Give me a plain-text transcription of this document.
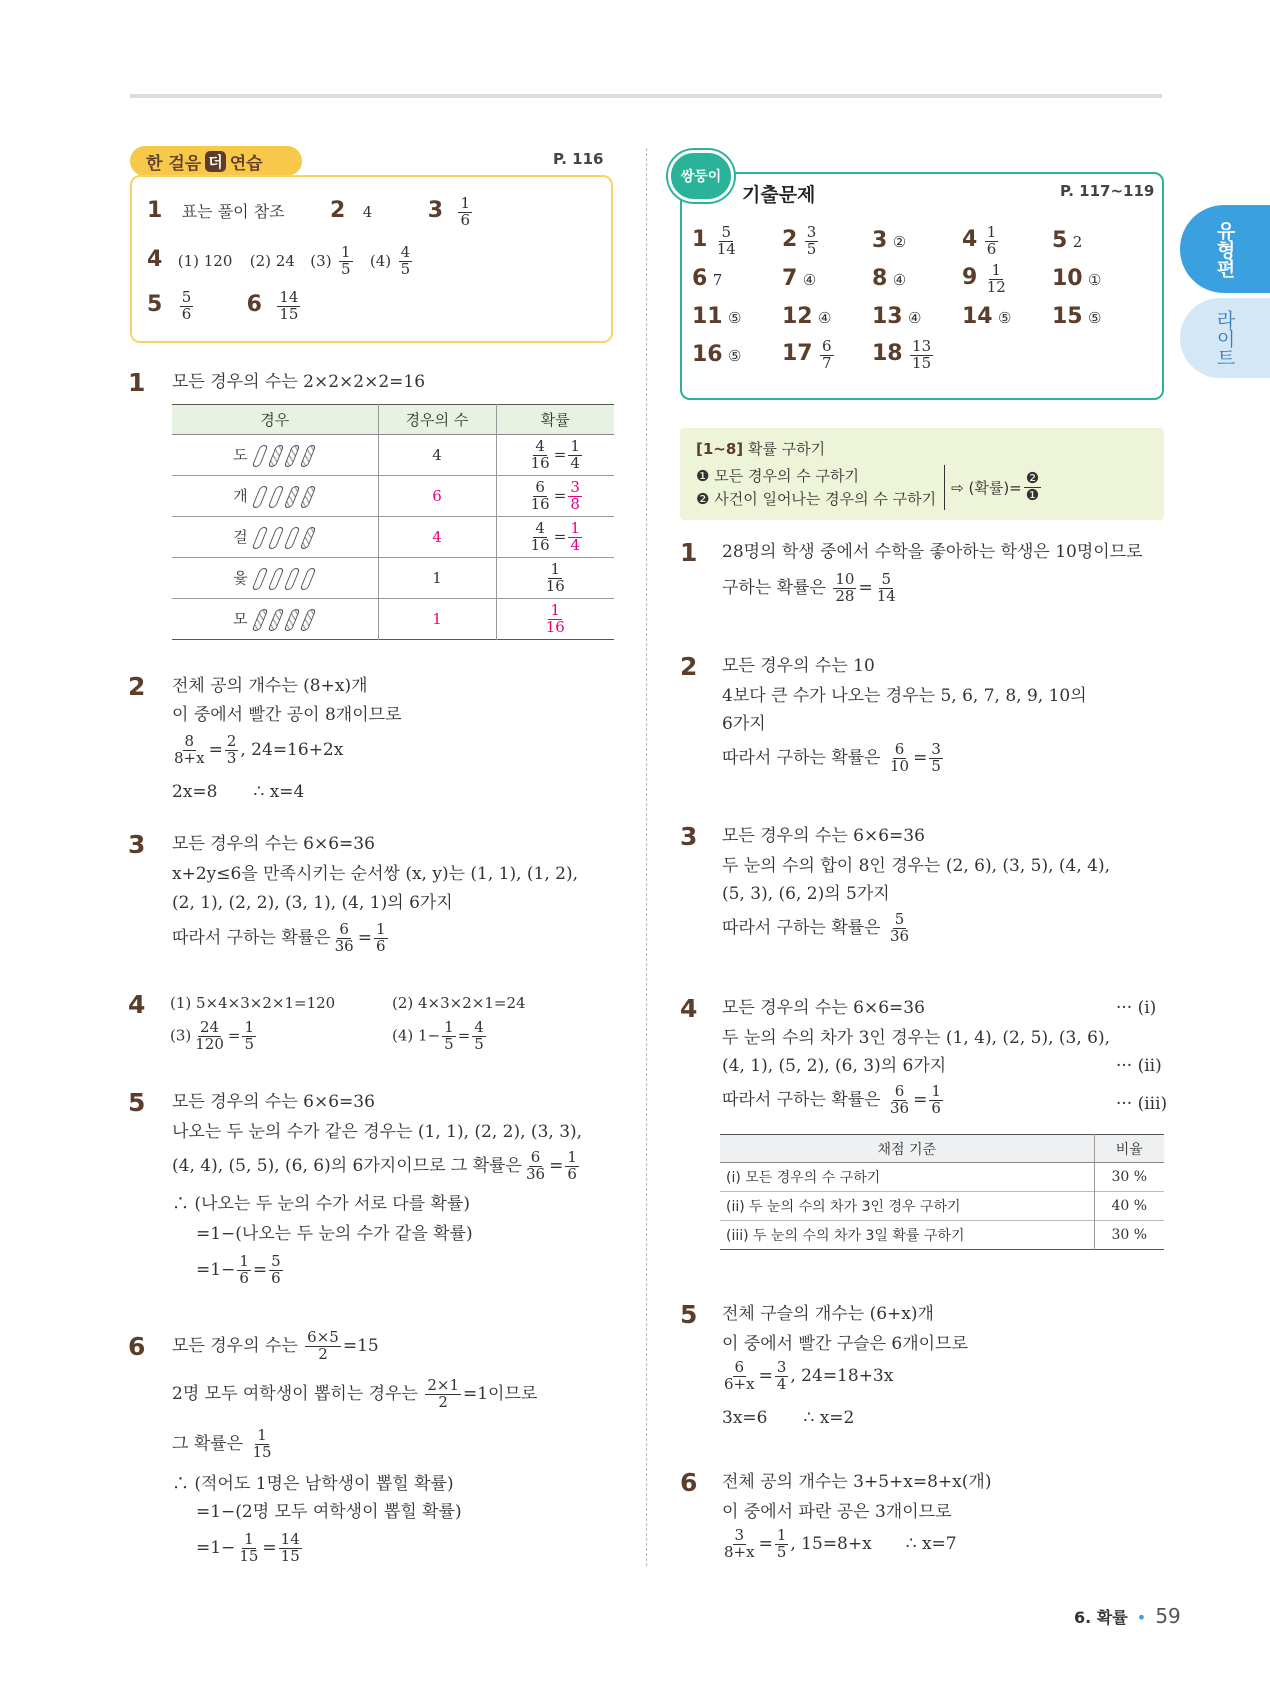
한 걸음 더 연습	P. 116
1 표는 풀이 참조 2 4	$3 \frac{1}{6}$
4 (1) 120 (2) 24 $(3) \frac{1}{5} (4) \frac{4}{5}$
$5 \frac{5}{6} 6 \frac{14}{15}$
1 모든 경우의 수는 2×2×2×2=16
경우	경우의 수	확률
도	4	$\frac{4}{16} = \frac{1}{4}$

개	6	$\frac{6}{16} = \frac{3}{8}$

걸	4	$\frac{4}{16} = \frac{1}{4}$

윷	1	$\frac{1}{16}$

모	1	$\frac{1}{16}$
2 전체 공의 개수는 (8+x)개
이 중에서 빨간 공이 8개이므로
$\frac{8}{8+x} = \frac{2}{3}$ , 24=16+2x
2x=8 ∴ x=4
3 모든 경우의 수는 6×6=36
x+2y≤6을 만족시키는 순서쌍 (x, y)는 (1, 1), (1, 2),
(2, 1), (2, 2), (3, 1), (4, 1)의 6가지
따라서 구하는 확률은 $\frac{6}{36} = \frac{1}{6}$
4 (1) 5×4×3×2×1=120	(2) 4×3×2×1=24
$(3) \frac{24}{120} = \frac{1}{5}$	(4) $1- \frac{1}{5} = \frac{4}{5}$
5 모든 경우의 수는 6×6=36
나오는 두 눈의 수가 같은 경우는 (1, 1), (2, 2), (3, 3),
(4, 4), (5, 5), (6, 6)의 6가지이므로 그 확률은 $\frac{6}{36} = \frac{1}{6}$
∴ (나오는 두 눈의 수가 서로 다를 확률)
=1−(나오는 두 눈의 수가 같을 확률)
$=1- \frac{1}{6} = \frac{5}{6}$
6 모든 경우의 수는 $\frac{6\times 5}{2} =15$
2명 모두 여학생이 뽑히는 경우는 $\frac{2\times 1}{2} =1$이므로
그 확률은 $\frac{1}{15}$
∴ (적어도 1명은 남학생이 뽑힐 확률)
=1−(2명 모두 여학생이 뽑힐 확률)
$=1- \frac{1}{15} = \frac{14}{15}$
쌍둥이
기출문제	P. 117~119
$1 \frac{5}{14} 2 \frac{3}{5} 3$ ②	$4 \frac{1}{6} 5$ 2
6 7	7 ④	8 ④	$9 \frac{1}{12} 10$ ①
11 ⑤	12 ④	13 ④	14 ⑤	15 ⑤
16 ⑤	$17 \frac{6}{7} 18 \frac{13}{15}$
유형편
라이트
[1~8] 확률 구하기
❶ 모든 경우의 수 구하기
❷ 사건이 일어나는 경우의 수 구하기
⇨ (확률)= $\frac{\text{❷}}{\text{❶}}$
1 28명의 학생 중에서 수학을 좋아하는 학생은 10명이므로
구하는 확률은 $\frac{10}{28} = \frac{5}{14}$
2 모든 경우의 수는 10
4보다 큰 수가 나오는 경우는 5, 6, 7, 8, 9, 10의
6가지
따라서 구하는 확률은 $\frac{6}{10} = \frac{3}{5}$
3 모든 경우의 수는 6×6=36
두 눈의 수의 합이 8인 경우는 (2, 6), (3, 5), (4, 4),
(5, 3), (6, 2)의 5가지
따라서 구하는 확률은 $\frac{5}{36}$
4 모든 경우의 수는 6×6=36	··· (i)
두 눈의 수의 차가 3인 경우는 (1, 4), (2, 5), (3, 6),
(4, 1), (5, 2), (6, 3)의 6가지	··· (ii)
따라서 구하는 확률은 $\frac{6}{36} = \frac{1}{6}$	··· (iii)
채점 기준	비율
(i) 모든 경우의 수 구하기	30 %
(ii) 두 눈의 수의 차가 3인 경우 구하기	40 %
(iii) 두 눈의 수의 차가 3일 확률 구하기	30 %
5 전체 구슬의 개수는 (6+x)개
이 중에서 빨간 구슬은 6개이므로
$\frac{6}{6+x} = \frac{3}{4}$ , 24=18+3x
3x=6 ∴ x=2
6 전체 공의 개수는 3+5+x=8+x(개)
이 중에서 파란 공은 3개이므로
$\frac{3}{8+x} = \frac{1}{5}$ , 15=8+x ∴ x=7
6. 확률 • 59
